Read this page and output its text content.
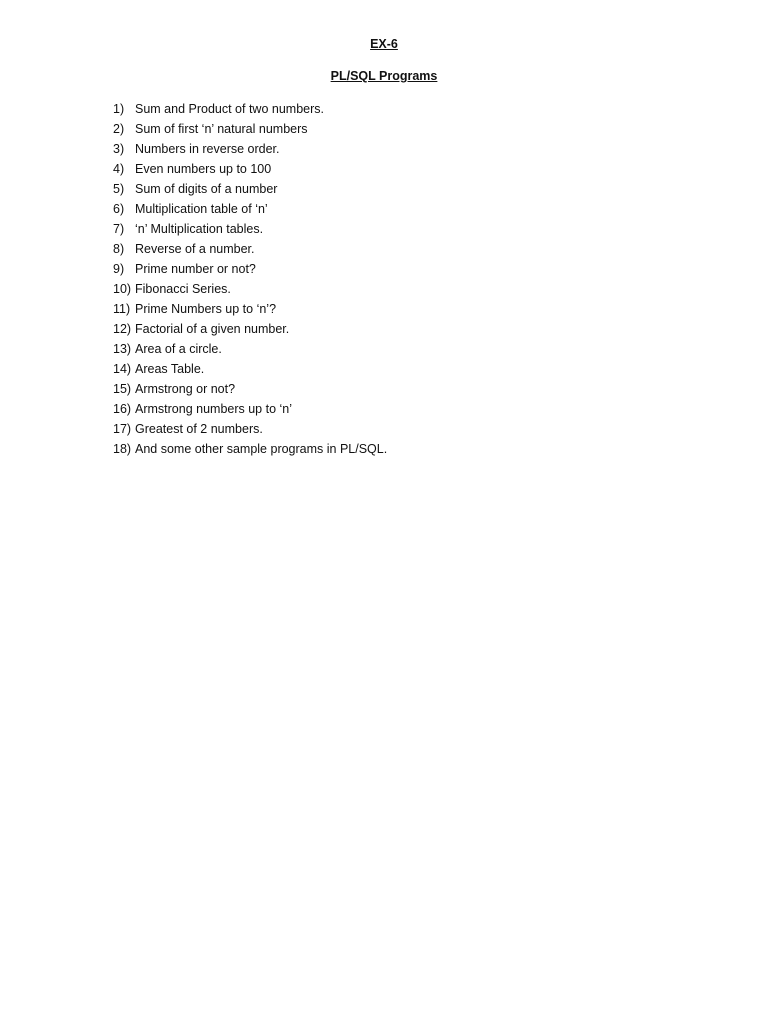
EX-6

PL/SQL Programs

1) Sum and Product of two numbers.
2) Sum of first ‘n’ natural numbers
3) Numbers in reverse order.
4) Even numbers up to 100
5) Sum of digits of a number
6) Multiplication table of ‘n’
7) ‘n’ Multiplication tables.
8) Reverse of a number.
9) Prime number or not?
10) Fibonacci Series.
11) Prime Numbers up to ‘n’?
12) Factorial of a given number.
13) Area of a circle.
14) Areas Table.
15) Armstrong or not?
16) Armstrong numbers up to ‘n’
17) Greatest of 2 numbers.
18) And some other sample programs in PL/SQL.
